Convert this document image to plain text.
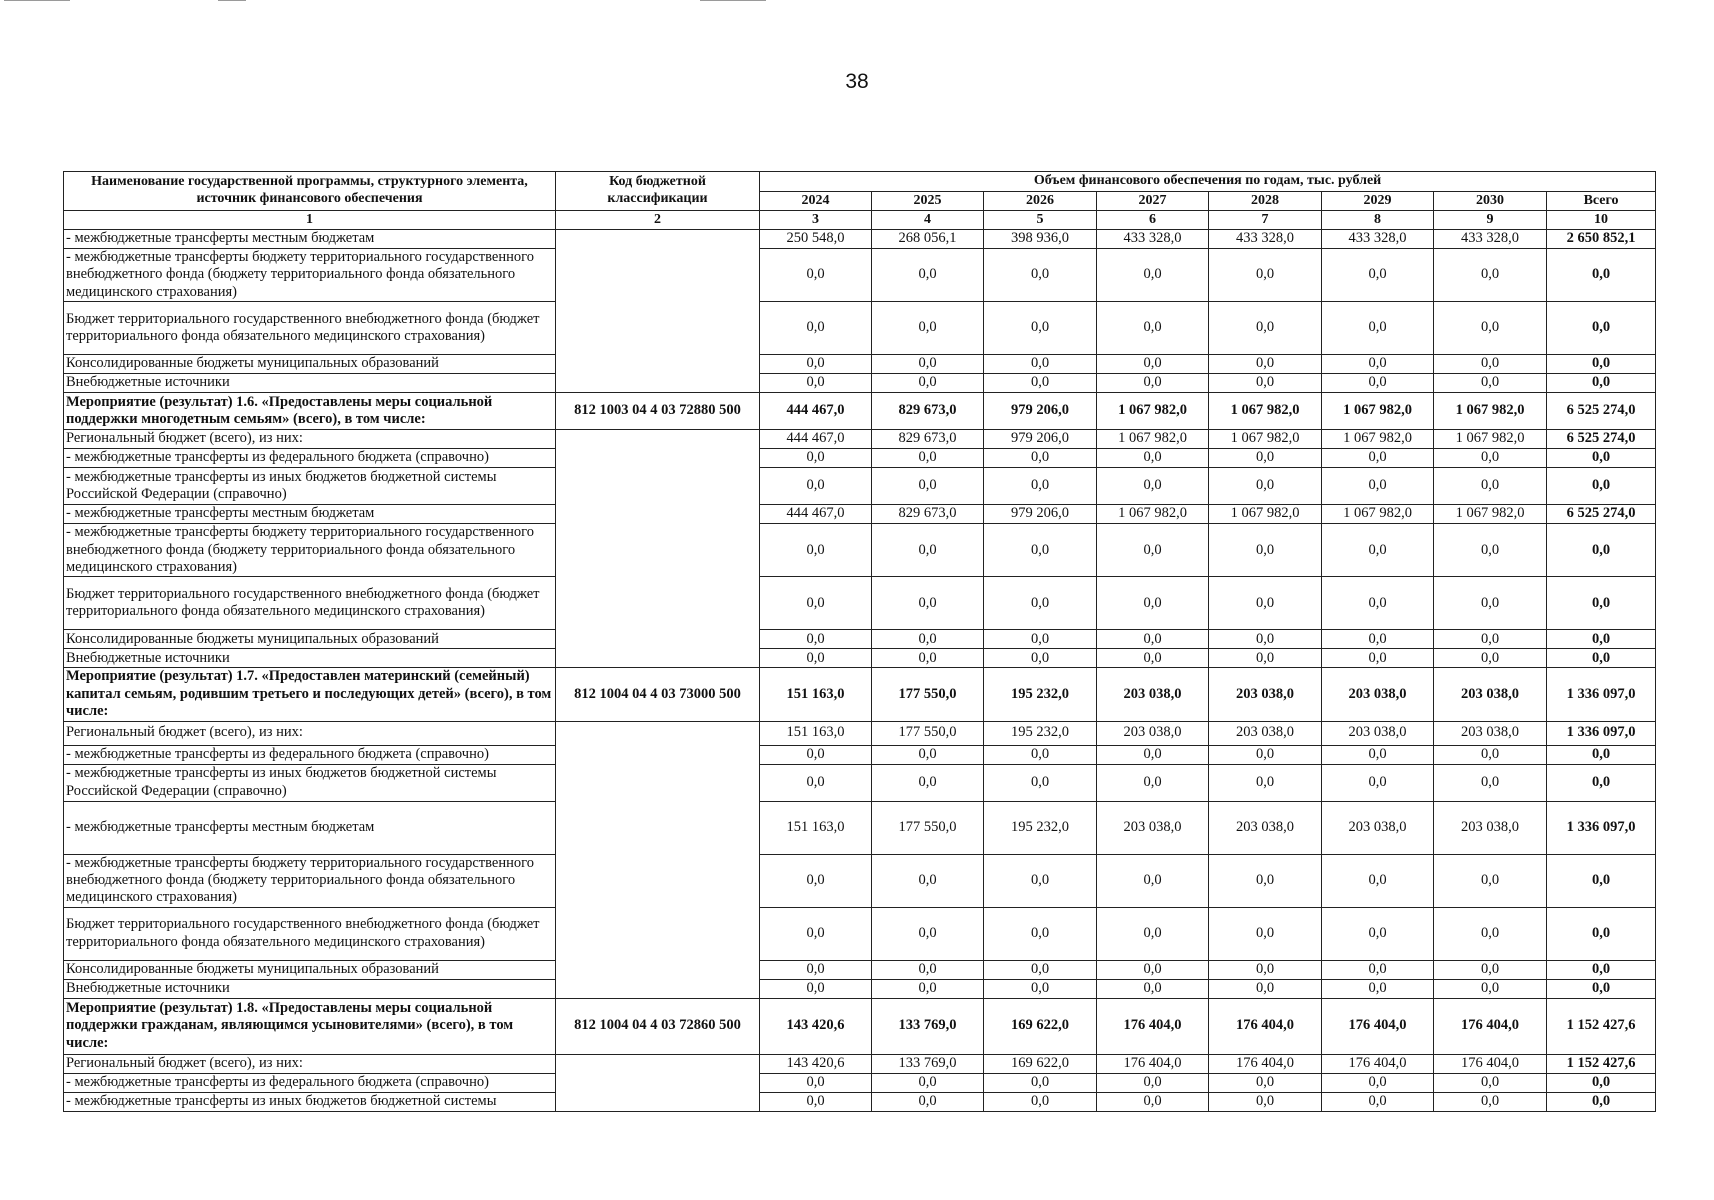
38
Наименование государственной программы, структурного элемента, источник финансового обеспечения	Код бюджетной классификации	Объем финансового обеспечения по годам, тыс. рублей							
		2024	2025	2026	2027	2028	2029	2030	Всего
1	2	3	4	5	6	7	8	9	10
- межбюджетные трансферты местным бюджетам		250 548,0	268 056,1	398 936,0	433 328,0	433 328,0	433 328,0	433 328,0	2 650 852,1
- межбюджетные трансферты бюджету территориального государственного внебюджетного фонда (бюджету территориального фонда обязательного медицинского страхования)		0,0	0,0	0,0	0,0	0,0	0,0	0,0	0,0
Бюджет территориального государственного внебюджетного фонда (бюджет территориального фонда обязательного медицинского страхования)		0,0	0,0	0,0	0,0	0,0	0,0	0,0	0,0
Консолидированные бюджеты муниципальных образований		0,0	0,0	0,0	0,0	0,0	0,0	0,0	0,0
Внебюджетные источники		0,0	0,0	0,0	0,0	0,0	0,0	0,0	0,0
Мероприятие (результат) 1.6. «Предоставлены меры социальной поддержки многодетным семьям» (всего), в том числе:	812 1003 04 4 03 72880 500	444 467,0	829 673,0	979 206,0	1 067 982,0	1 067 982,0	1 067 982,0	1 067 982,0	6 525 274,0
Региональный бюджет (всего), из них:		444 467,0	829 673,0	979 206,0	1 067 982,0	1 067 982,0	1 067 982,0	1 067 982,0	6 525 274,0
- межбюджетные трансферты из федерального бюджета (справочно)		0,0	0,0	0,0	0,0	0,0	0,0	0,0	0,0
- межбюджетные трансферты из иных бюджетов бюджетной системы Российской Федерации (справочно)		0,0	0,0	0,0	0,0	0,0	0,0	0,0	0,0
- межбюджетные трансферты местным бюджетам		444 467,0	829 673,0	979 206,0	1 067 982,0	1 067 982,0	1 067 982,0	1 067 982,0	6 525 274,0
- межбюджетные трансферты бюджету территориального государственного внебюджетного фонда (бюджету территориального фонда обязательного медицинского страхования)		0,0	0,0	0,0	0,0	0,0	0,0	0,0	0,0
Бюджет территориального государственного внебюджетного фонда (бюджет территориального фонда обязательного медицинского страхования)		0,0	0,0	0,0	0,0	0,0	0,0	0,0	0,0
Консолидированные бюджеты муниципальных образований		0,0	0,0	0,0	0,0	0,0	0,0	0,0	0,0
Внебюджетные источники		0,0	0,0	0,0	0,0	0,0	0,0	0,0	0,0
Мероприятие (результат) 1.7. «Предоставлен материнский (семейный) капитал семьям, родившим третьего и последующих детей» (всего), в том числе:	812 1004 04 4 03 73000 500	151 163,0	177 550,0	195 232,0	203 038,0	203 038,0	203 038,0	203 038,0	1 336 097,0
Региональный бюджет (всего), из них:		151 163,0	177 550,0	195 232,0	203 038,0	203 038,0	203 038,0	203 038,0	1 336 097,0
- межбюджетные трансферты из федерального бюджета (справочно)		0,0	0,0	0,0	0,0	0,0	0,0	0,0	0,0
- межбюджетные трансферты из иных бюджетов бюджетной системы Российской Федерации (справочно)		0,0	0,0	0,0	0,0	0,0	0,0	0,0	0,0
- межбюджетные трансферты местным бюджетам		151 163,0	177 550,0	195 232,0	203 038,0	203 038,0	203 038,0	203 038,0	1 336 097,0
- межбюджетные трансферты бюджету территориального государственного внебюджетного фонда (бюджету территориального фонда обязательного медицинского страхования)		0,0	0,0	0,0	0,0	0,0	0,0	0,0	0,0
Бюджет территориального государственного внебюджетного фонда (бюджет территориального фонда обязательного медицинского страхования)		0,0	0,0	0,0	0,0	0,0	0,0	0,0	0,0
Консолидированные бюджеты муниципальных образований		0,0	0,0	0,0	0,0	0,0	0,0	0,0	0,0
Внебюджетные источники		0,0	0,0	0,0	0,0	0,0	0,0	0,0	0,0
Мероприятие (результат) 1.8. «Предоставлены меры социальной поддержки гражданам, являющимся усыновителями» (всего), в том числе:	812 1004 04 4 03 72860 500	143 420,6	133 769,0	169 622,0	176 404,0	176 404,0	176 404,0	176 404,0	1 152 427,6
Региональный бюджет (всего), из них:		143 420,6	133 769,0	169 622,0	176 404,0	176 404,0	176 404,0	176 404,0	1 152 427,6
- межбюджетные трансферты из федерального бюджета (справочно)		0,0	0,0	0,0	0,0	0,0	0,0	0,0	0,0
- межбюджетные трансферты из иных бюджетов бюджетной системы		0,0	0,0	0,0	0,0	0,0	0,0	0,0	0,0
